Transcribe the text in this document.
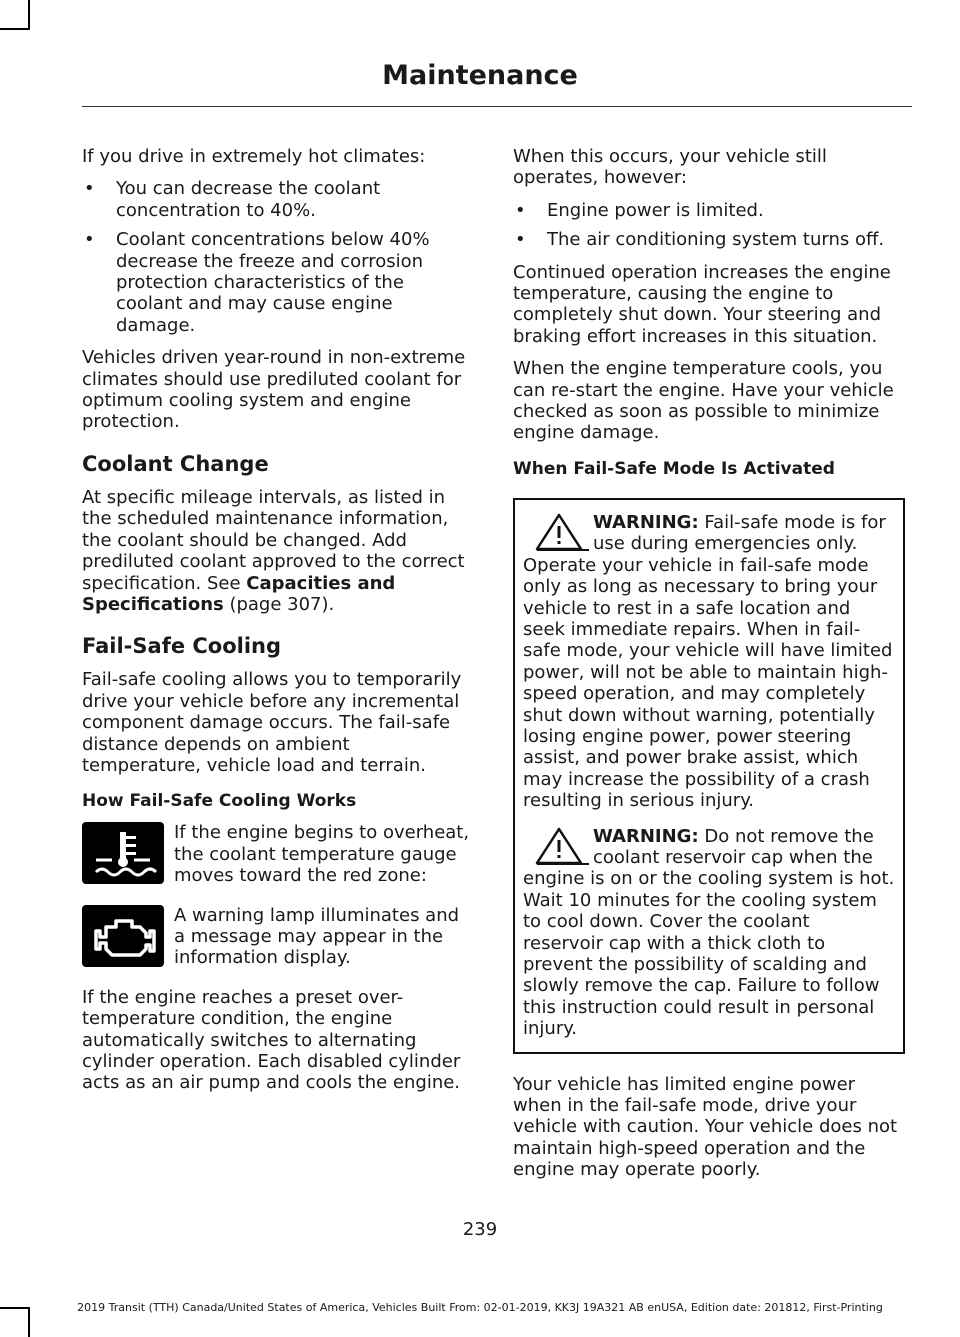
Maintenance

If you drive in extremely hot climates:

• You can decrease the coolant concentration to 40%.
• Coolant concentrations below 40% decrease the freeze and corrosion protection characteristics of the coolant and may cause engine damage.

Vehicles driven year-round in non-extreme climates should use prediluted coolant for optimum cooling system and engine protection.

Coolant Change

At specific mileage intervals, as listed in the scheduled maintenance information, the coolant should be changed. Add prediluted coolant approved to the correct specification. See Capacities and Specifications (page 307).

Fail-Safe Cooling

Fail-safe cooling allows you to temporarily drive your vehicle before any incremental component damage occurs. The fail-safe distance depends on ambient temperature, vehicle load and terrain.

How Fail-Safe Cooling Works
If the engine begins to overheat, the coolant temperature gauge moves toward the red zone:
A warning lamp illuminates and a message may appear in the information display.

If the engine reaches a preset over-temperature condition, the engine automatically switches to alternating cylinder operation. Each disabled cylinder acts as an air pump and cools the engine.

When this occurs, your vehicle still operates, however:

• Engine power is limited.
• The air conditioning system turns off.

Continued operation increases the engine temperature, causing the engine to completely shut down. Your steering and braking effort increases in this situation.

When the engine temperature cools, you can re-start the engine. Have your vehicle checked as soon as possible to minimize engine damage.

When Fail-Safe Mode Is Activated
WARNING: Fail-safe mode is for use during emergencies only. Operate your vehicle in fail-safe mode only as long as necessary to bring your vehicle to rest in a safe location and seek immediate repairs. When in fail-safe mode, your vehicle will have limited power, will not be able to maintain high-speed operation, and may completely shut down without warning, potentially losing engine power, power steering assist, and power brake assist, which may increase the possibility of a crash resulting in serious injury.
WARNING: Do not remove the coolant reservoir cap when the engine is on or the cooling system is hot. Wait 10 minutes for the cooling system to cool down. Cover the coolant reservoir cap with a thick cloth to prevent the possibility of scalding and slowly remove the cap. Failure to follow this instruction could result in personal injury.

Your vehicle has limited engine power when in the fail-safe mode, drive your vehicle with caution. Your vehicle does not maintain high-speed operation and the engine may operate poorly.

239
2019 Transit (TTH) Canada/United States of America, Vehicles Built From: 02-01-2019, KK3J 19A321 AB enUSA, Edition date: 201812, First-Printing
